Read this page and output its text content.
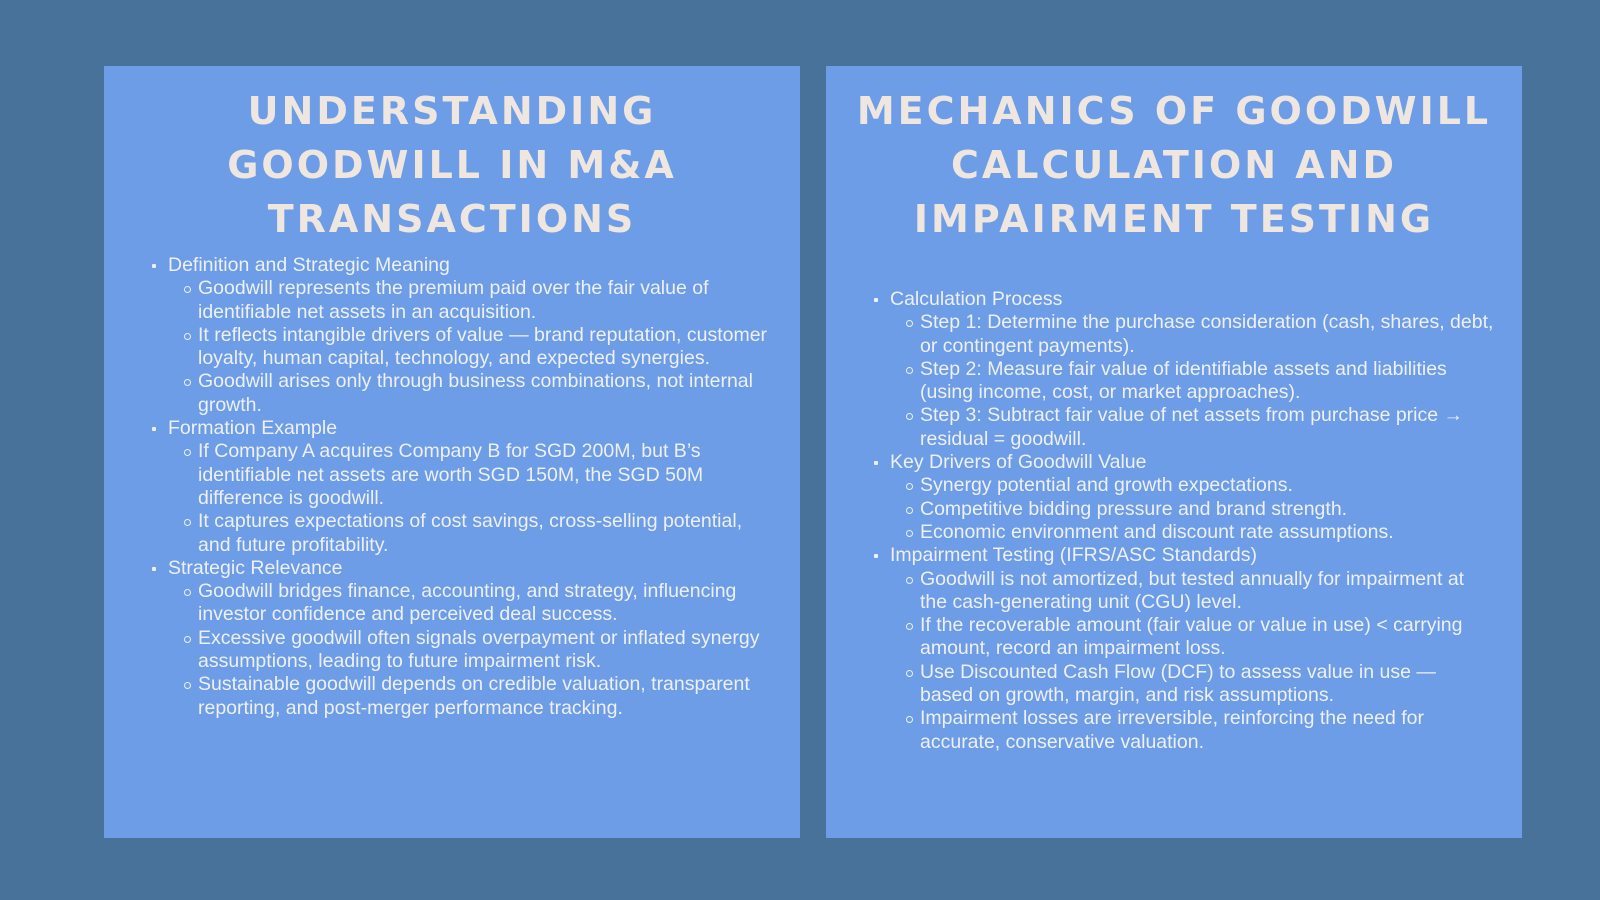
UNDERSTANDING
GOODWILL IN M&A
TRANSACTIONS
Definition and Strategic Meaning
Goodwill represents the premium paid over the fair value of identifiable net assets in an acquisition.
It reflects intangible drivers of value — brand reputation, customer loyalty, human capital, technology, and expected synergies.
Goodwill arises only through business combinations, not internal growth.
Formation Example
If Company A acquires Company B for SGD 200M, but B’s identifiable net assets are worth SGD 150M, the SGD 50M difference is goodwill.
It captures expectations of cost savings, cross-selling potential, and future profitability.
Strategic Relevance
Goodwill bridges finance, accounting, and strategy, influencing investor confidence and perceived deal success.
Excessive goodwill often signals overpayment or inflated synergy assumptions, leading to future impairment risk.
Sustainable goodwill depends on credible valuation, transparent reporting, and post-merger performance tracking.
MECHANICS OF GOODWILL
CALCULATION AND
IMPAIRMENT TESTING
Calculation Process
Step 1: Determine the purchase consideration (cash, shares, debt, or contingent payments).
Step 2: Measure fair value of identifiable assets and liabilities (using income, cost, or market approaches).
Step 3: Subtract fair value of net assets from purchase price → residual = goodwill.
Key Drivers of Goodwill Value
Synergy potential and growth expectations.
Competitive bidding pressure and brand strength.
Economic environment and discount rate assumptions.
Impairment Testing (IFRS/ASC Standards)
Goodwill is not amortized, but tested annually for impairment at the cash-generating unit (CGU) level.
If the recoverable amount (fair value or value in use) < carrying amount, record an impairment loss.
Use Discounted Cash Flow (DCF) to assess value in use — based on growth, margin, and risk assumptions.
Impairment losses are irreversible, reinforcing the need for accurate, conservative valuation.
